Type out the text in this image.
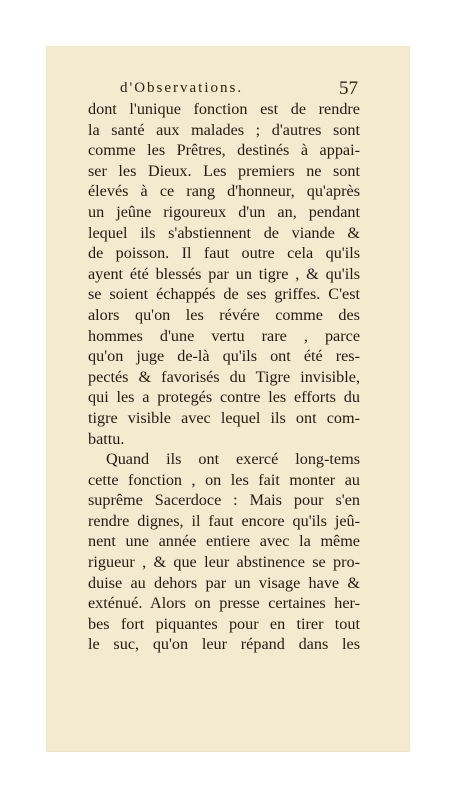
d'Observations.	57
dont l'unique fonction est de rendre
la santé aux malades ; d'autres sont
comme les Prêtres, destinés à appai-
ser les Dieux. Les premiers ne sont
élevés à ce rang d'honneur, qu'après
un jeûne rigoureux d'un an, pendant
lequel ils s'abstiennent de viande &
de poisson. Il faut outre cela qu'ils
ayent été blessés par un tigre , & qu'ils
se soient échappés de ses griffes. C'est
alors qu'on les révére comme des
hommes d'une vertu rare , parce
qu'on juge de-là qu'ils ont été res-
pectés & favorisés du Tigre invisible,
qui les a protegés contre les efforts du
tigre visible avec lequel ils ont com-
battu.
Quand ils ont exercé long-tems
cette fonction , on les fait monter au
suprême Sacerdoce : Mais pour s'en
rendre dignes, il faut encore qu'ils jeû-
nent une année entiere avec la même
rigueur , & que leur abstinence se pro-
duise au dehors par un visage have &
exténué. Alors on presse certaines her-
bes fort piquantes pour en tirer tout
le suc, qu'on leur répand dans les
